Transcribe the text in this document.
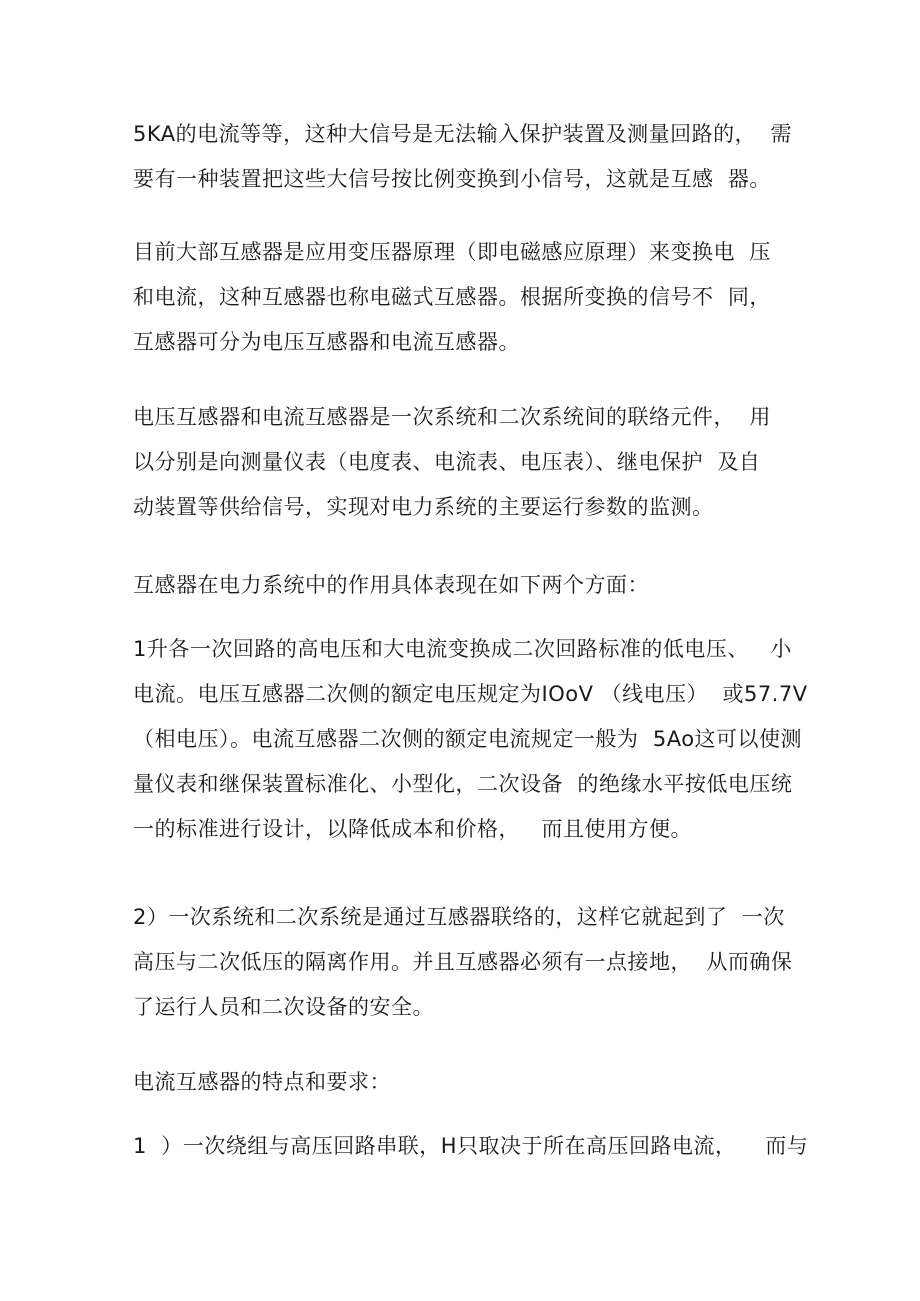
5KA的电流等等，这种大信号是无法输入保护装置及测量回路的，  需
要有一种装置把这些大信号按比例变换到小信号，这就是互感  器。
目前大部互感器是应用变压器原理（即电磁感应原理）来变换电  压
和电流，这种互感器也称电磁式互感器。根据所变换的信号不  同，
互感器可分为电压互感器和电流互感器。
电压互感器和电流互感器是一次系统和二次系统间的联络元件，  用
以分别是向测量仪表（电度表、电流表、电压表）、继电保护  及自
动装置等供给信号，实现对电力系统的主要运行参数的监测。
互感器在电力系统中的作用具体表现在如下两个方面：
1升各一次回路的高电压和大电流变换成二次回路标准的低电压、   小
电流。电压互感器二次侧的额定电压规定为IOoV （线电压）  或57.7V
（相电压）。电流互感器二次侧的额定电流规定一般为  5Ao这可以使测
量仪表和继保装置标准化、小型化，二次设备  的绝缘水平按低电压统
一的标准进行设计，以降低成本和价格，   而且使用方便。
2）一次系统和二次系统是通过互感器联络的，这样它就起到了  一次
高压与二次低压的隔离作用。并且互感器必须有一点接地，  从而确保
了运行人员和二次设备的安全。
电流互感器的特点和要求：
1  ）一次绕组与高压回路串联，H只取决于所在高压回路电流，    而与
